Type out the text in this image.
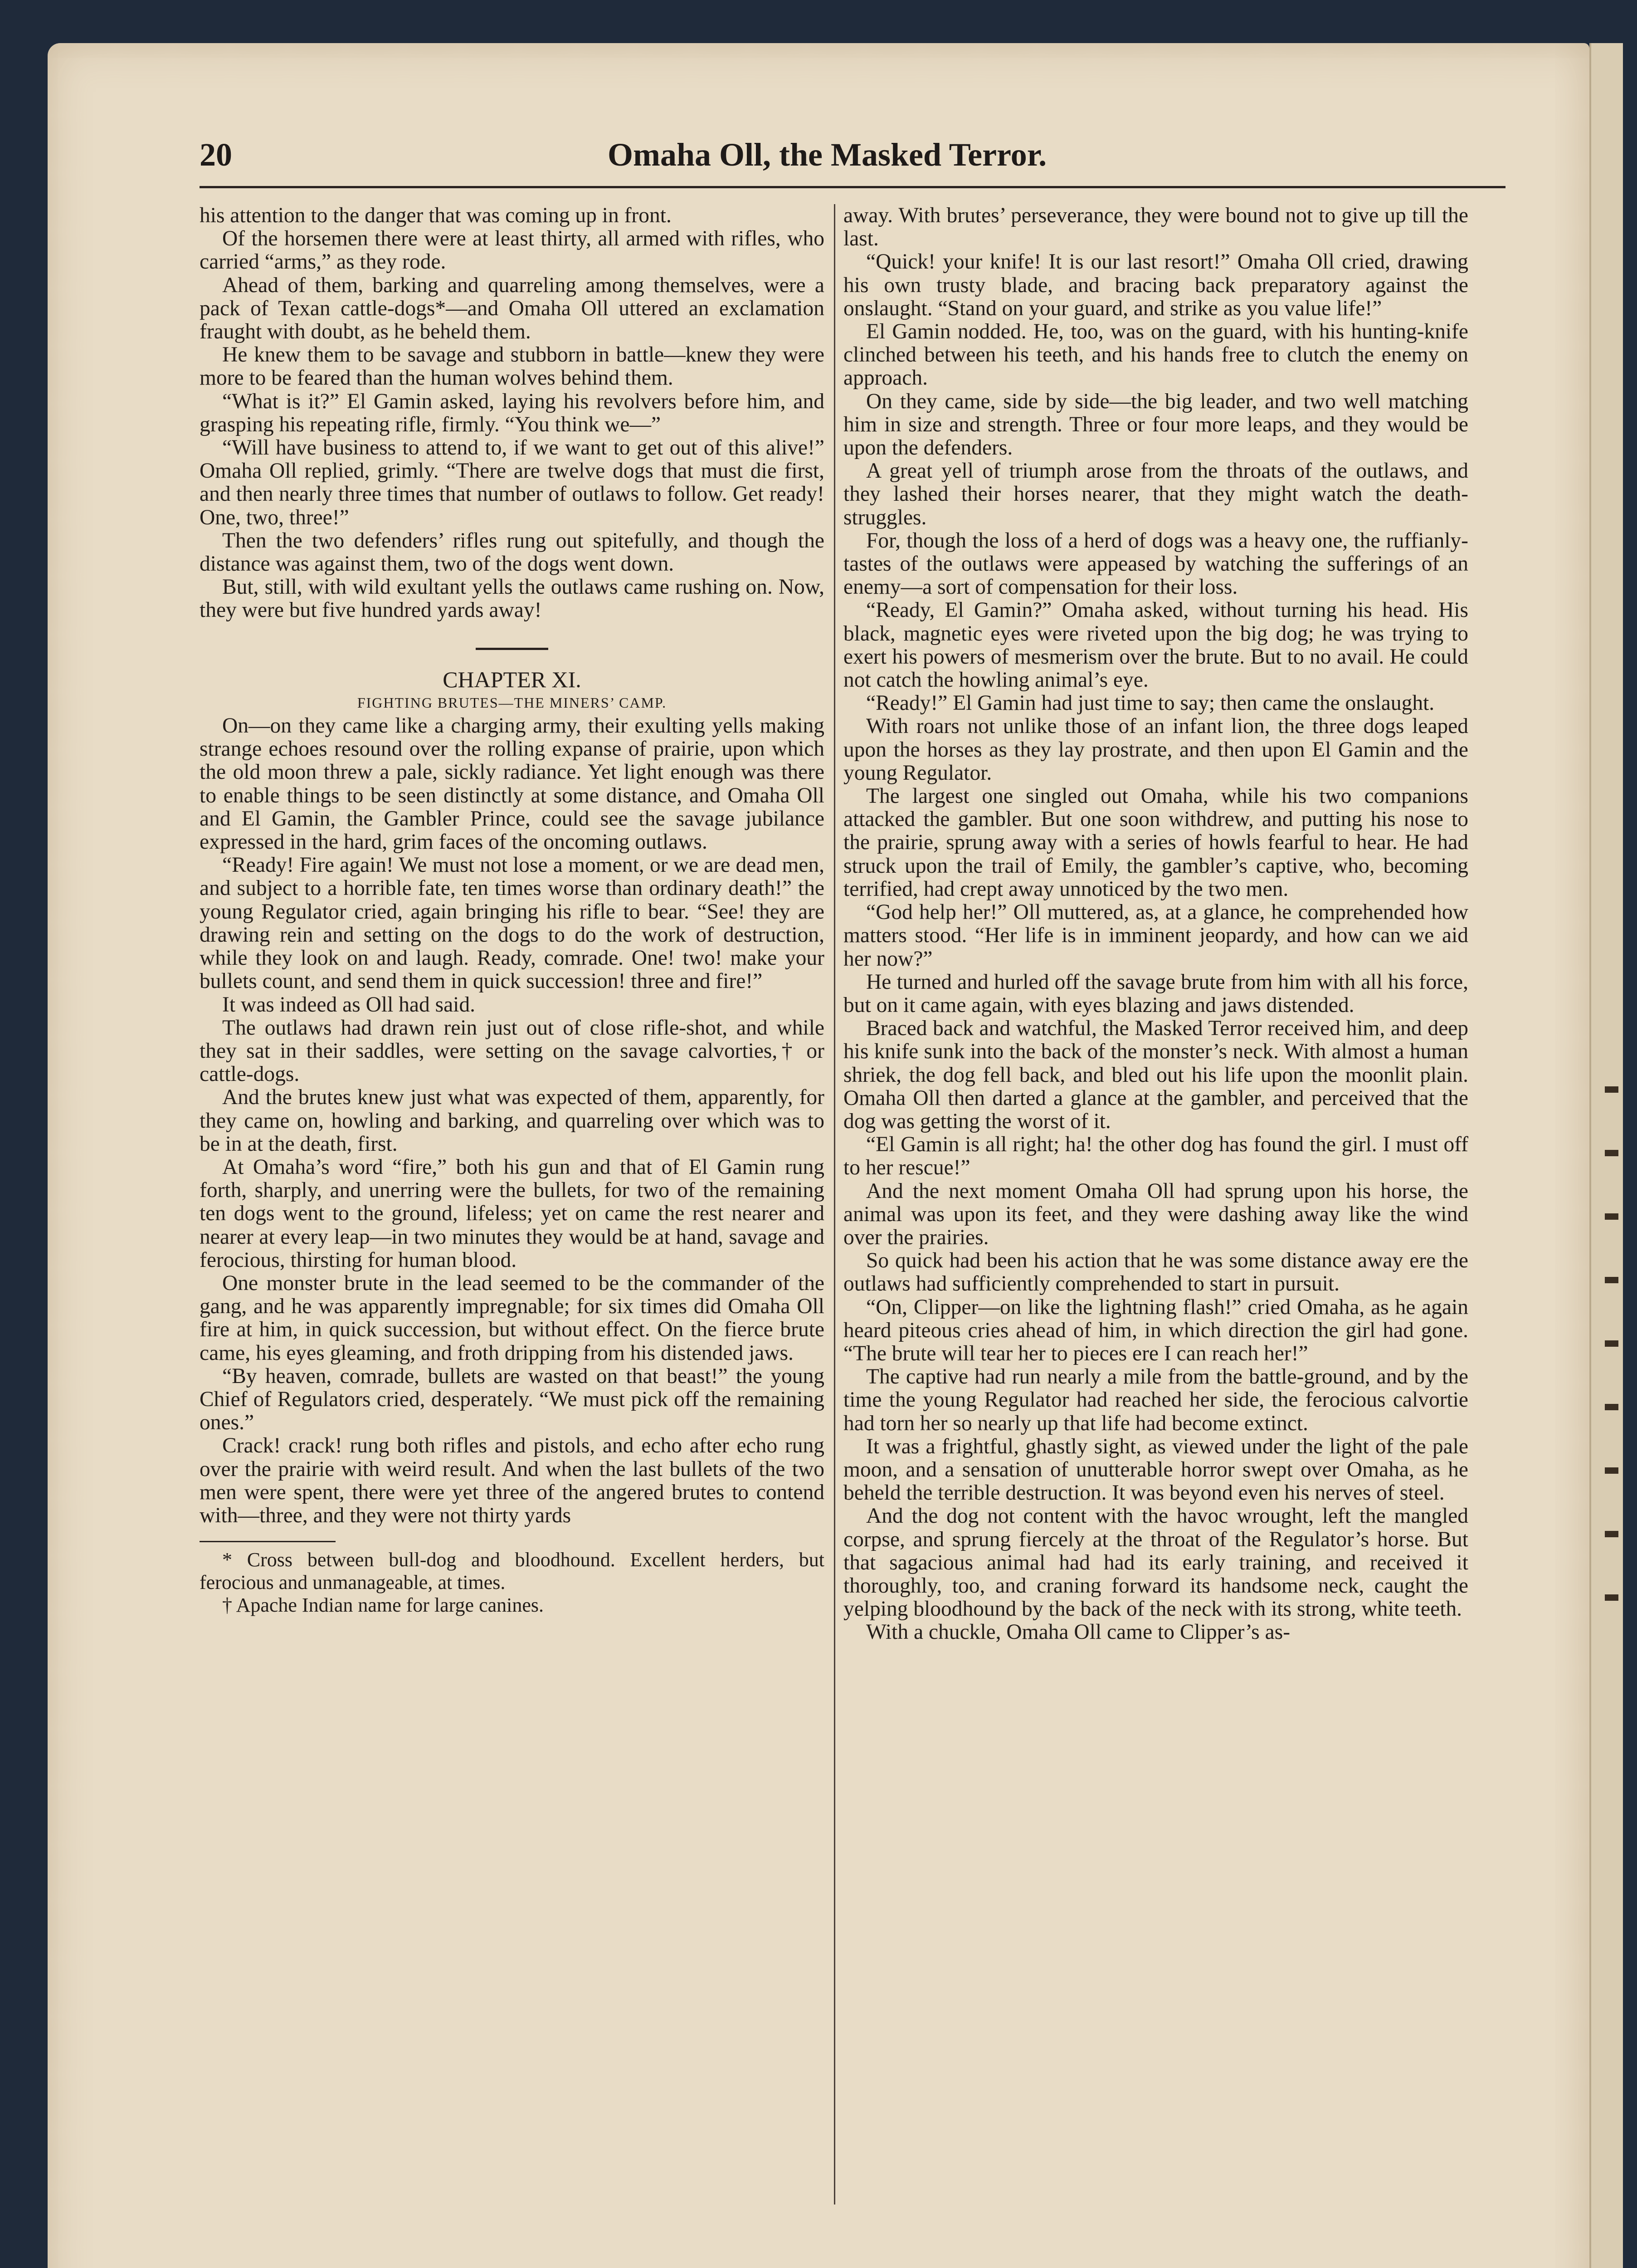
20	Omaha Oll, the Masked Terror.

his attention to the danger that was coming up in front.

Of the horsemen there were at least thirty, all armed with rifles, who carried “arms,” as they rode.

Ahead of them, barking and quarreling among themselves, were a pack of Texan cattle-dogs*—and Omaha Oll uttered an exclamation fraught with doubt, as he beheld them.

He knew them to be savage and stubborn in battle—knew they were more to be feared than the human wolves behind them.

“What is it?” El Gamin asked, laying his revolvers before him, and grasping his repeating rifle, firmly. “You think we—”

“Will have business to attend to, if we want to get out of this alive!” Omaha Oll replied, grimly. “There are twelve dogs that must die first, and then nearly three times that number of outlaws to follow. Get ready! One, two, three!”

Then the two defenders’ rifles rung out spitefully, and though the distance was against them, two of the dogs went down.

But, still, with wild exultant yells the outlaws came rushing on. Now, they were but five hundred yards away!

CHAPTER XI.

FIGHTING BRUTES—THE MINERS’ CAMP.

On—on they came like a charging army, their exulting yells making strange echoes resound over the rolling expanse of prairie, upon which the old moon threw a pale, sickly radiance. Yet light enough was there to enable things to be seen distinctly at some distance, and Omaha Oll and El Gamin, the Gambler Prince, could see the savage jubilance expressed in the hard, grim faces of the oncoming outlaws.

“Ready! Fire again! We must not lose a moment, or we are dead men, and subject to a horrible fate, ten times worse than ordinary death!” the young Regulator cried, again bringing his rifle to bear. “See! they are drawing rein and setting on the dogs to do the work of destruction, while they look on and laugh. Ready, comrade. One! two! make your bullets count, and send them in quick succession! three and fire!”

It was indeed as Oll had said.

The outlaws had drawn rein just out of close rifle-shot, and while they sat in their saddles, were setting on the savage calvorties,† or cattle-dogs.

And the brutes knew just what was expected of them, apparently, for they came on, howling and barking, and quarreling over which was to be in at the death, first.

At Omaha’s word “fire,” both his gun and that of El Gamin rung forth, sharply, and unerring were the bullets, for two of the remaining ten dogs went to the ground, lifeless; yet on came the rest nearer and nearer at every leap—in two minutes they would be at hand, savage and ferocious, thirsting for human blood.

One monster brute in the lead seemed to be the commander of the gang, and he was apparently impregnable; for six times did Omaha Oll fire at him, in quick succession, but without effect. On the fierce brute came, his eyes gleaming, and froth dripping from his distended jaws.

“By heaven, comrade, bullets are wasted on that beast!” the young Chief of Regulators cried, desperately. “We must pick off the remaining ones.”

Crack! crack! rung both rifles and pistols, and echo after echo rung over the prairie with weird result. And when the last bullets of the two men were spent, there were yet three of the angered brutes to contend with—three, and they were not thirty yards

* Cross between bull-dog and bloodhound. Excellent herders, but ferocious and unmanageable, at times.

† Apache Indian name for large canines.

away. With brutes’ perseverance, they were bound not to give up till the last.

“Quick! your knife! It is our last resort!” Omaha Oll cried, drawing his own trusty blade, and bracing back preparatory against the onslaught. “Stand on your guard, and strike as you value life!”

El Gamin nodded. He, too, was on the guard, with his hunting-knife clinched between his teeth, and his hands free to clutch the enemy on approach.

On they came, side by side—the big leader, and two well matching him in size and strength. Three or four more leaps, and they would be upon the defenders.

A great yell of triumph arose from the throats of the outlaws, and they lashed their horses nearer, that they might watch the death-struggles.

For, though the loss of a herd of dogs was a heavy one, the ruffianly-tastes of the outlaws were appeased by watching the sufferings of an enemy—a sort of compensation for their loss.

“Ready, El Gamin?” Omaha asked, without turning his head. His black, magnetic eyes were riveted upon the big dog; he was trying to exert his powers of mesmerism over the brute. But to no avail. He could not catch the howling animal’s eye.

“Ready!” El Gamin had just time to say; then came the onslaught.

With roars not unlike those of an infant lion, the three dogs leaped upon the horses as they lay prostrate, and then upon El Gamin and the young Regulator.

The largest one singled out Omaha, while his two companions attacked the gambler. But one soon withdrew, and putting his nose to the prairie, sprung away with a series of howls fearful to hear. He had struck upon the trail of Emily, the gambler’s captive, who, becoming terrified, had crept away unnoticed by the two men.

“God help her!” Oll muttered, as, at a glance, he comprehended how matters stood. “Her life is in imminent jeopardy, and how can we aid her now?”

He turned and hurled off the savage brute from him with all his force, but on it came again, with eyes blazing and jaws distended.

Braced back and watchful, the Masked Terror received him, and deep his knife sunk into the back of the monster’s neck. With almost a human shriek, the dog fell back, and bled out his life upon the moonlit plain. Omaha Oll then darted a glance at the gambler, and perceived that the dog was getting the worst of it.

“El Gamin is all right; ha! the other dog has found the girl. I must off to her rescue!”

And the next moment Omaha Oll had sprung upon his horse, the animal was upon its feet, and they were dashing away like the wind over the prairies.

So quick had been his action that he was some distance away ere the outlaws had sufficiently comprehended to start in pursuit.

“On, Clipper—on like the lightning flash!” cried Omaha, as he again heard piteous cries ahead of him, in which direction the girl had gone. “The brute will tear her to pieces ere I can reach her!”

The captive had run nearly a mile from the battle-ground, and by the time the young Regulator had reached her side, the ferocious calvortie had torn her so nearly up that life had become extinct.

It was a frightful, ghastly sight, as viewed under the light of the pale moon, and a sensation of unutterable horror swept over Omaha, as he beheld the terrible destruction. It was beyond even his nerves of steel.

And the dog not content with the havoc wrought, left the mangled corpse, and sprung fiercely at the throat of the Regulator’s horse. But that sagacious animal had had its early training, and received it thoroughly, too, and craning forward its handsome neck, caught the yelping bloodhound by the back of the neck with its strong, white teeth.

With a chuckle, Omaha Oll came to Clipper’s as-
